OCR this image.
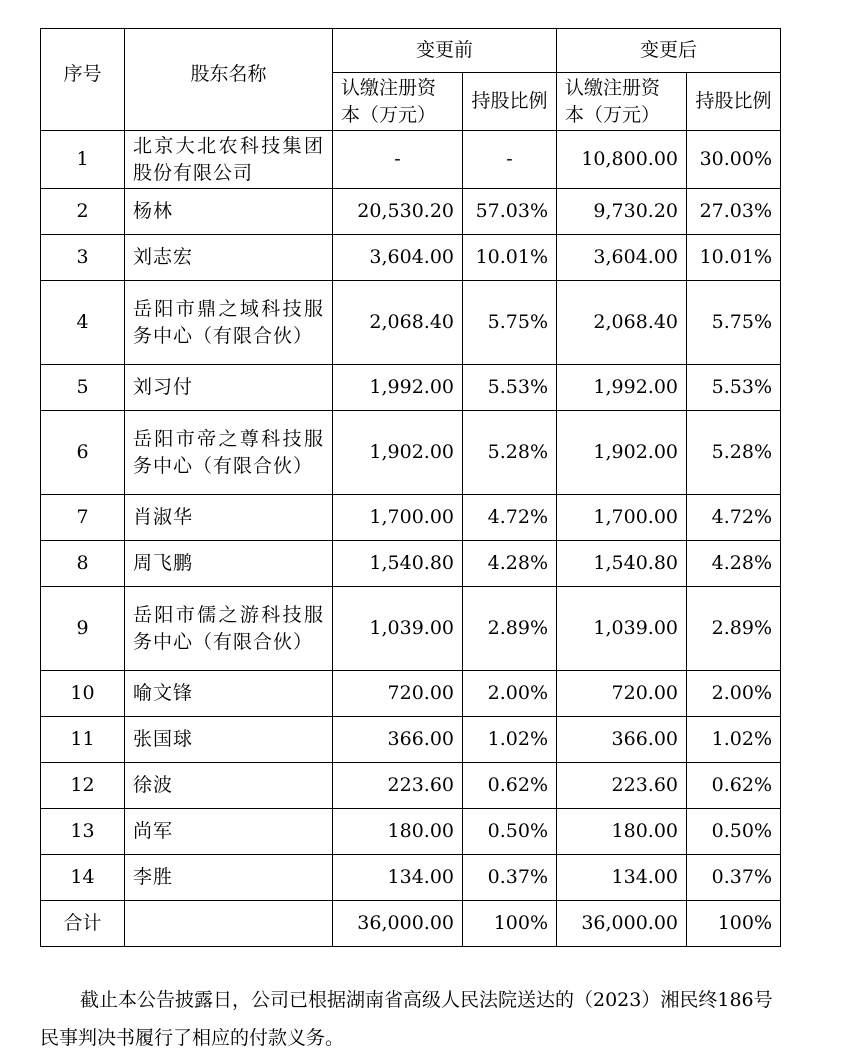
序号	股东名称	变更前		变更后	
		认缴注册资本（万元）	持股比例	认缴注册资本（万元）	持股比例
1	北京大北农科技集团股份有限公司	-	-	10,800.00	30.00%
2	杨林	20,530.20	57.03%	9,730.20	27.03%
3	刘志宏	3,604.00	10.01%	3,604.00	10.01%
4	岳阳市鼎之域科技服务中心（有限合伙）	2,068.40	5.75%	2,068.40	5.75%
5	刘习付	1,992.00	5.53%	1,992.00	5.53%
6	岳阳市帝之尊科技服务中心（有限合伙）	1,902.00	5.28%	1,902.00	5.28%
7	肖淑华	1,700.00	4.72%	1,700.00	4.72%
8	周飞鹏	1,540.80	4.28%	1,540.80	4.28%
9	岳阳市儒之游科技服务中心（有限合伙）	1,039.00	2.89%	1,039.00	2.89%
10	喻文锋	720.00	2.00%	720.00	2.00%
11	张国球	366.00	1.02%	366.00	1.02%
12	徐波	223.60	0.62%	223.60	0.62%
13	尚军	180.00	0.50%	180.00	0.50%
14	李胜	134.00	0.37%	134.00	0.37%
合计		36,000.00	100%	36,000.00	100%

截止本公告披露日，公司已根据湖南省高级人民法院送达的（2023）湘民终186号民事判决书履行了相应的付款义务。
